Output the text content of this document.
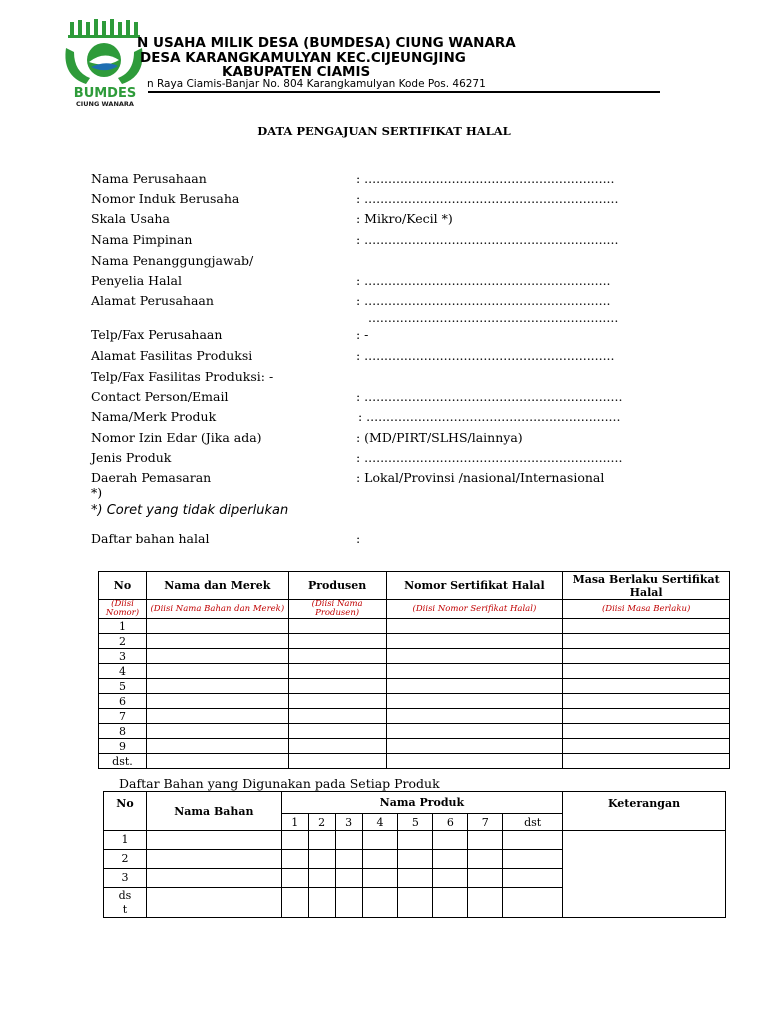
BUMDES
CIUNG WANARA
N USAHA MILIK DESA (BUMDESA) CIUNG WANARA
DESA KARANGKAMULYAN KEC.CIJEUNGJING
KABUPATEN CIAMIS
n Raya Ciamis-Banjar No. 804 Karangkamulyan Kode Pos. 46271
DATA PENGAJUAN SERTIFIKAT HALAL
Nama Perusahaan	: ...............................................................
Nomor Induk Berusaha	: ................................................................
Skala Usaha	: Mikro/Kecil *)
Nama Pimpinan	: ................................................................
Nama Penanggungjawab/
Penyelia Halal	: ..............................................................
Alamat Perusahaan	: ..............................................................
...............................................................
Telp/Fax Perusahaan	: -
Alamat Fasilitas Produksi	: ...............................................................
Telp/Fax Fasilitas Produksi: -
Contact Person/Email	: .................................................................
Nama/Merk Produk	: ................................................................
Nomor Izin Edar (Jika ada)	: (MD/PIRT/SLHS/lainnya)
Jenis Produk	: .................................................................
Daerah Pemasaran	: Lokal/Provinsi /nasional/Internasional
*)
*) Coret yang tidak diperlukan
Daftar bahan halal	:
No	Nama dan Merek	Produsen	Nomor Sertifikat Halal	Masa Berlaku Sertifikat Halal
(Diisi Nomor)	(Diisi Nama Bahan dan Merek)	(Diisi Nama Produsen)	(Diisi Nomor Serifikat Halal)	(Diisi Masa Berlaku)
1				
2				
3				
4				
5				
6				
7				
8				
9				
dst.				
Daftar Bahan yang Digunakan pada Setiap Produk
No	Nama Bahan	Nama Produk								Keterangan
		1	2	3	4	5	6	7	dst	
1										
2										
3										
ds t										
